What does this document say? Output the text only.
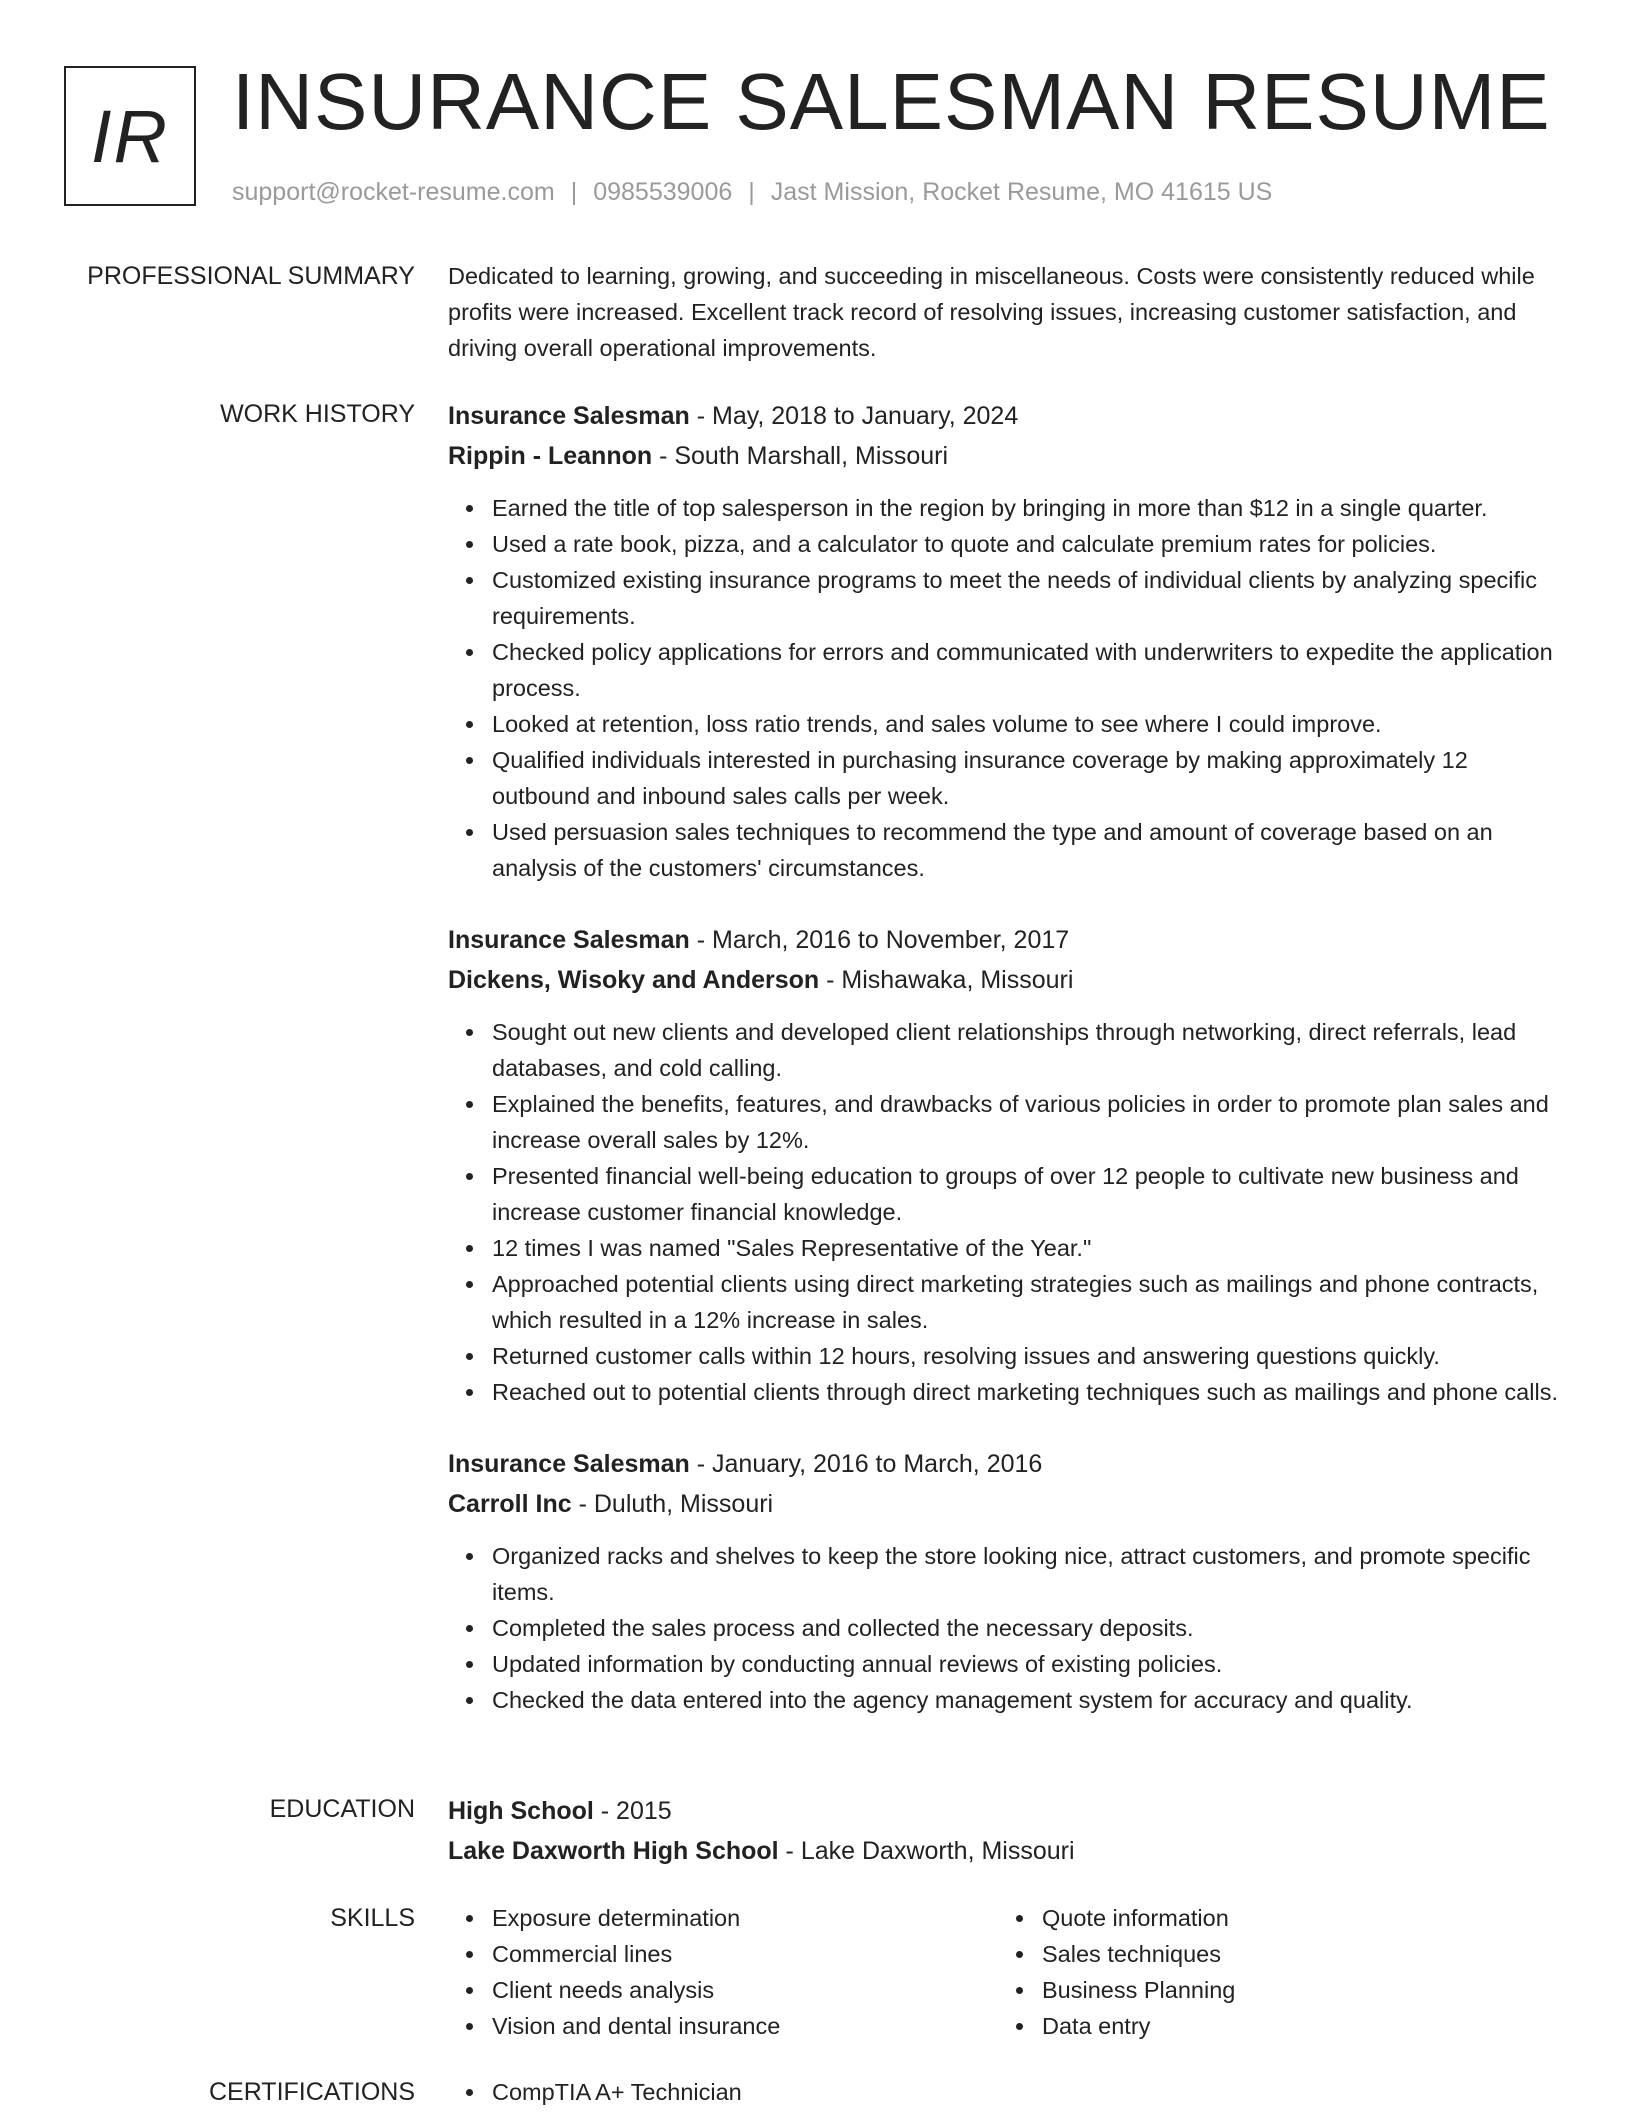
IR INSURANCE SALESMAN RESUME
support@rocket-resume.com | 0985539006 | Jast Mission, Rocket Resume, MO 41615 US
PROFESSIONAL SUMMARY Dedicated to learning, growing, and succeeding in miscellaneous. Costs were consistently reduced while profits were increased. Excellent track record of resolving issues, increasing customer satisfaction, and driving overall operational improvements.
WORK HISTORY Insurance Salesman - May, 2018 to January, 2024

Rippin - Leannon - South Marshall, Missouri

Earned the title of top salesperson in the region by bringing in more than $12 in a single quarter.
Used a rate book, pizza, and a calculator to quote and calculate premium rates for policies.
Customized existing insurance programs to meet the needs of individual clients by analyzing specific requirements.
Checked policy applications for errors and communicated with underwriters to expedite the application process.
Looked at retention, loss ratio trends, and sales volume to see where I could improve.
Qualified individuals interested in purchasing insurance coverage by making approximately 12 outbound and inbound sales calls per week.
Used persuasion sales techniques to recommend the type and amount of coverage based on an analysis of the customers' circumstances.

Insurance Salesman - March, 2016 to November, 2017

Dickens, Wisoky and Anderson - Mishawaka, Missouri

Sought out new clients and developed client relationships through networking, direct referrals, lead databases, and cold calling.
Explained the benefits, features, and drawbacks of various policies in order to promote plan sales and increase overall sales by 12%.
Presented financial well-being education to groups of over 12 people to cultivate new business and increase customer financial knowledge.
12 times I was named "Sales Representative of the Year."
Approached potential clients using direct marketing strategies such as mailings and phone contracts, which resulted in a 12% increase in sales.
Returned customer calls within 12 hours, resolving issues and answering questions quickly.
Reached out to potential clients through direct marketing techniques such as mailings and phone calls.

Insurance Salesman - January, 2016 to March, 2016

Carroll Inc - Duluth, Missouri

Organized racks and shelves to keep the store looking nice, attract customers, and promote specific items.
Completed the sales process and collected the necessary deposits.
Updated information by conducting annual reviews of existing policies.
Checked the data entered into the agency management system for accuracy and quality.
EDUCATION High School - 2015

Lake Daxworth High School - Lake Daxworth, Missouri

SKILLS	Exposure determination
Commercial lines
Client needs analysis
Vision and dental insurance
Quote information
Sales techniques
Business Planning
Data entry
CERTIFICATIONS	CompTIA A+ Technician
